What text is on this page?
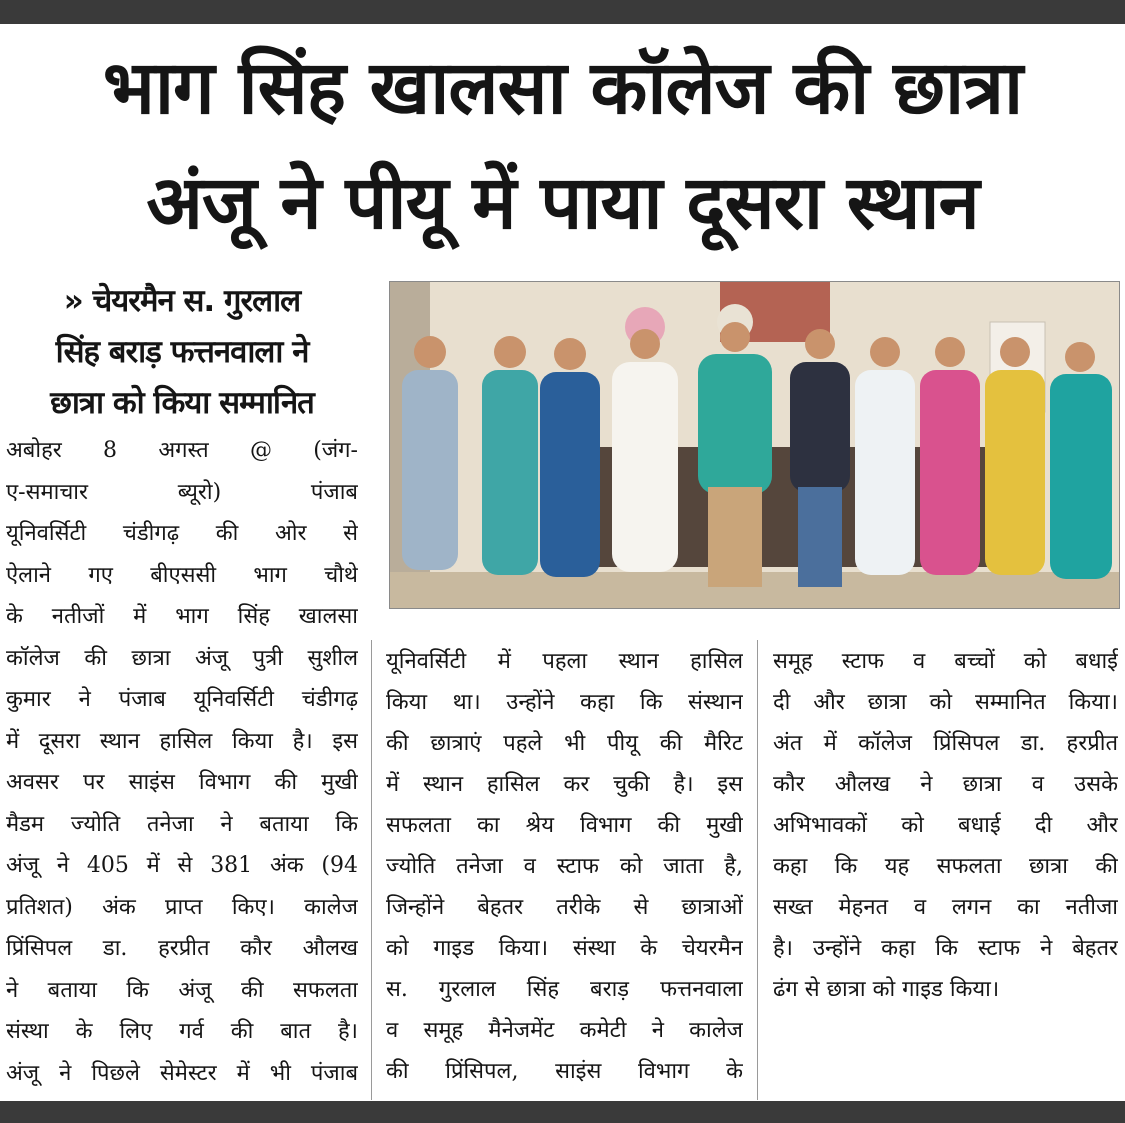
भाग सिंह खालसा कॉलेज की छात्रा
अंजू ने पीयू में पाया दूसरा स्थान
» चेयरमैन स. गुरलाल
सिंह बराड़ फत्तनवाला ने
छात्रा को किया सम्मानित
अबोहर 8 अगस्त @ (जंग-
ए-समाचार ब्यूरो) पंजाब
यूनिवर्सिटी चंडीगढ़ की ओर से
ऐलाने गए बीएससी भाग चौथे
के नतीजों में भाग सिंह खालसा
कॉलेज की छात्रा अंजू पुत्री सुशील
कुमार ने पंजाब यूनिवर्सिटी चंडीगढ़
में दूसरा स्थान हासिल किया है। इस
अवसर पर साइंस विभाग की मुखी
मैडम ज्योति तनेजा ने बताया कि
अंजू ने 405 में से 381 अंक (94
प्रतिशत) अंक प्राप्त किए। कालेज
प्रिंसिपल डा. हरप्रीत कौर औलख
ने बताया कि अंजू की सफलता
संस्था के लिए गर्व की बात है।
अंजू ने पिछले सेमेस्टर में भी पंजाब
यूनिवर्सिटी में पहला स्थान हासिल
किया था। उन्होंने कहा कि संस्थान
की छात्राएं पहले भी पीयू की मैरिट
में स्थान हासिल कर चुकी है। इस
सफलता का श्रेय विभाग की मुखी
ज्योति तनेजा व स्टाफ को जाता है,
जिन्होंने बेहतर तरीके से छात्राओं
को गाइड किया। संस्था के चेयरमैन
स. गुरलाल सिंह बराड़ फत्तनवाला
व समूह मैनेजमेंट कमेटी ने कालेज
की प्रिंसिपल, साइंस विभाग के
समूह स्टाफ व बच्चों को बधाई
दी और छात्रा को सम्मानित किया।
अंत में कॉलेज प्रिंसिपल डा. हरप्रीत
कौर औलख ने छात्रा व उसके
अभिभावकों को बधाई दी और
कहा कि यह सफलता छात्रा की
सख्त मेहनत व लगन का नतीजा
है। उन्होंने कहा कि स्टाफ ने बेहतर
ढंग से छात्रा को गाइड किया।
